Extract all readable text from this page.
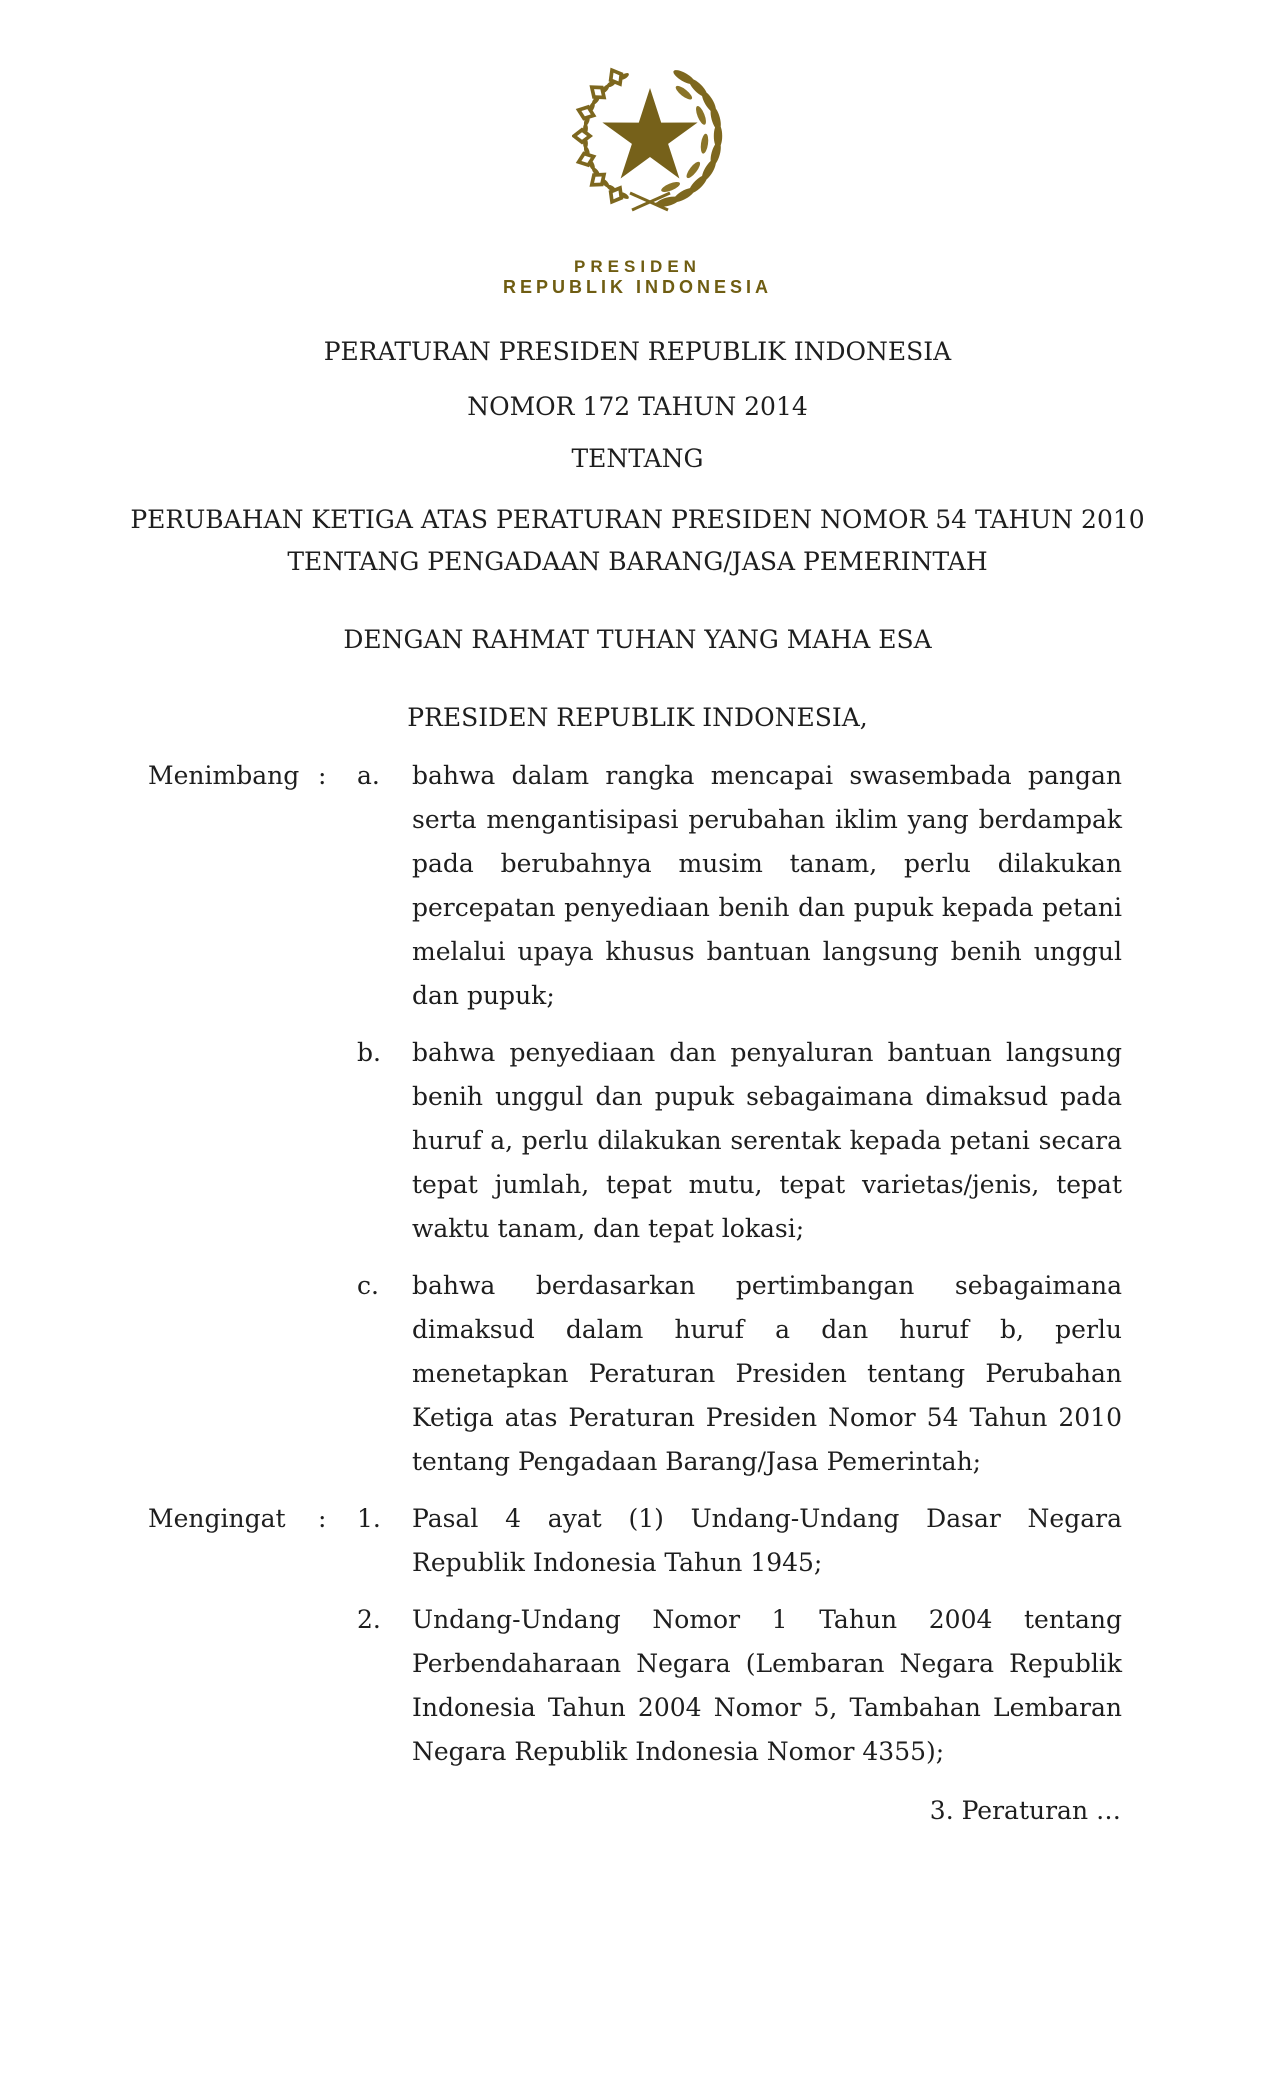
PRESIDEN
REPUBLIK INDONESIA

PERATURAN PRESIDEN REPUBLIK INDONESIA

NOMOR 172 TAHUN 2014

TENTANG

PERUBAHAN KETIGA ATAS PERATURAN PRESIDEN NOMOR 54 TAHUN 2010

TENTANG PENGADAAN BARANG/JASA PEMERINTAH

DENGAN RAHMAT TUHAN YANG MAHA ESA

PRESIDEN REPUBLIK INDONESIA,

Menimbang :	a.	bahwa dalam rangka mencapai swasembada pangan serta mengantisipasi perubahan iklim yang berdampak pada berubahnya musim tanam, perlu dilakukan percepatan penyediaan benih dan pupuk kepada petani melalui upaya khusus bantuan langsung benih unggul dan pupuk;
b.	bahwa penyediaan dan penyaluran bantuan langsung benih unggul dan pupuk sebagaimana dimaksud pada huruf a, perlu dilakukan serentak kepada petani secara tepat jumlah, tepat mutu, tepat varietas/jenis, tepat waktu tanam, dan tepat lokasi;
c.	bahwa berdasarkan pertimbangan sebagaimana dimaksud dalam huruf a dan huruf b, perlu menetapkan Peraturan Presiden tentang Perubahan Ketiga atas Peraturan Presiden Nomor 54 Tahun 2010 tentang Pengadaan Barang/Jasa Pemerintah;
Mengingat	:	1.	Pasal 4 ayat (1) Undang-Undang Dasar Negara Republik Indonesia Tahun 1945;
2.	Undang-Undang Nomor 1 Tahun 2004 tentang Perbendaharaan Negara (Lembaran Negara Republik Indonesia Tahun 2004 Nomor 5, Tambahan Lembaran Negara Republik Indonesia Nomor 4355);

3. Peraturan …
